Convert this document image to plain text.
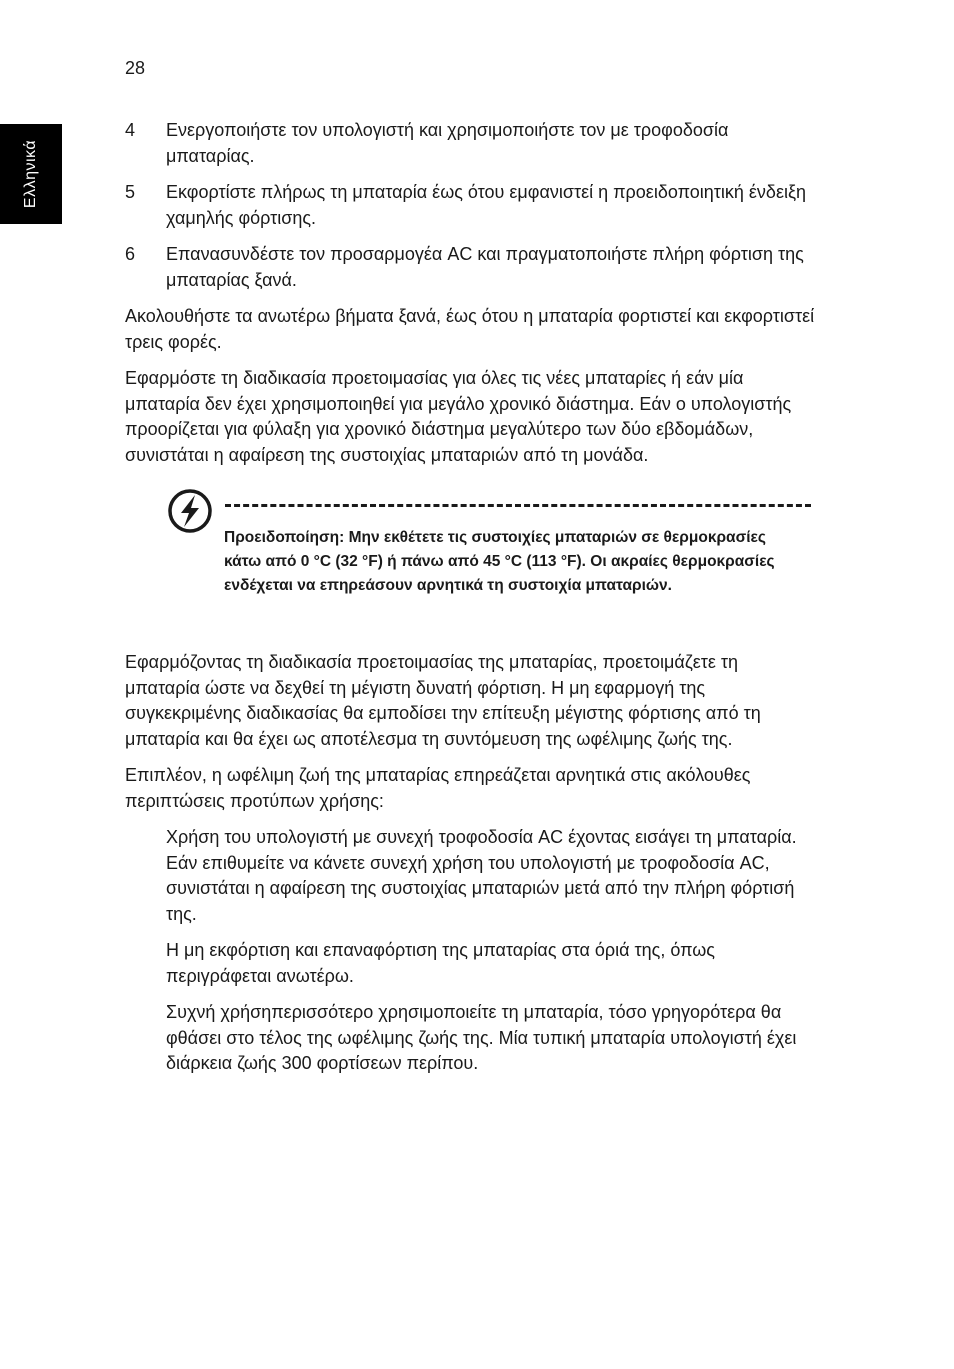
28
Ελληνικά
4	Ενεργοποιήστε τον υπολογιστή και χρησιμοποιήστε τον με τροφοδοσία μπαταρίας.
5	Εκφορτίστε πλήρως τη μπαταρία έως ότου εμφανιστεί η προειδοποιητική ένδειξη χαμηλής φόρτισης.
6	Επανασυνδέστε τον προσαρμογέα AC και πραγματοποιήστε πλήρη φόρτιση της μπαταρίας ξανά.

Ακολουθήστε τα ανωτέρω βήματα ξανά, έως ότου η μπαταρία φορτιστεί και εκφορτιστεί τρεις φορές.

Εφαρμόστε τη διαδικασία προετοιμασίας για όλες τις νέες μπαταρίες ή εάν μία μπαταρία δεν έχει χρησιμοποιηθεί για μεγάλο χρονικό διάστημα. Εάν ο υπολογιστής προορίζεται για φύλαξη για χρονικό διάστημα μεγαλύτερο των δύο εβδομάδων, συνιστάται η αφαίρεση της συστοιχίας μπαταριών από τη μονάδα.

Προειδοποίηση: Μην εκθέτετε τις συστοιχίες μπαταριών σε θερμοκρασίες κάτω από 0 °C (32 °F) ή πάνω από 45 °C (113 °F). Οι ακραίες θερμοκρασίες ενδέχεται να επηρεάσουν αρνητικά τη συστοιχία μπαταριών.

Εφαρμόζοντας τη διαδικασία προετοιμασίας της μπαταρίας, προετοιμάζετε τη μπαταρία ώστε να δεχθεί τη μέγιστη δυνατή φόρτιση. Η μη εφαρμογή της συγκεκριμένης διαδικασίας θα εμποδίσει την επίτευξη μέγιστης φόρτισης από τη μπαταρία και θα έχει ως αποτέλεσμα τη συντόμευση της ωφέλιμης ζωής της.

Επιπλέον, η ωφέλιμη ζωή της μπαταρίας επηρεάζεται αρνητικά στις ακόλουθες περιπτώσεις προτύπων χρήσης:

Χρήση του υπολογιστή με συνεχή τροφοδοσία AC έχοντας εισάγει τη μπαταρία. Εάν επιθυμείτε να κάνετε συνεχή χρήση του υπολογιστή με τροφοδοσία AC, συνιστάται η αφαίρεση της συστοιχίας μπαταριών μετά από την πλήρη φόρτισή της.

Η μη εκφόρτιση και επαναφόρτιση της μπαταρίας στα όριά της, όπως περιγράφεται ανωτέρω.

Συχνή χρήσηπερισσότερο χρησιμοποιείτε τη μπαταρία, τόσο γρηγορότερα θα φθάσει στο τέλος της ωφέλιμης ζωής της. Μία τυπική μπαταρία υπολογιστή έχει διάρκεια ζωής 300 φορτίσεων περίπου.
